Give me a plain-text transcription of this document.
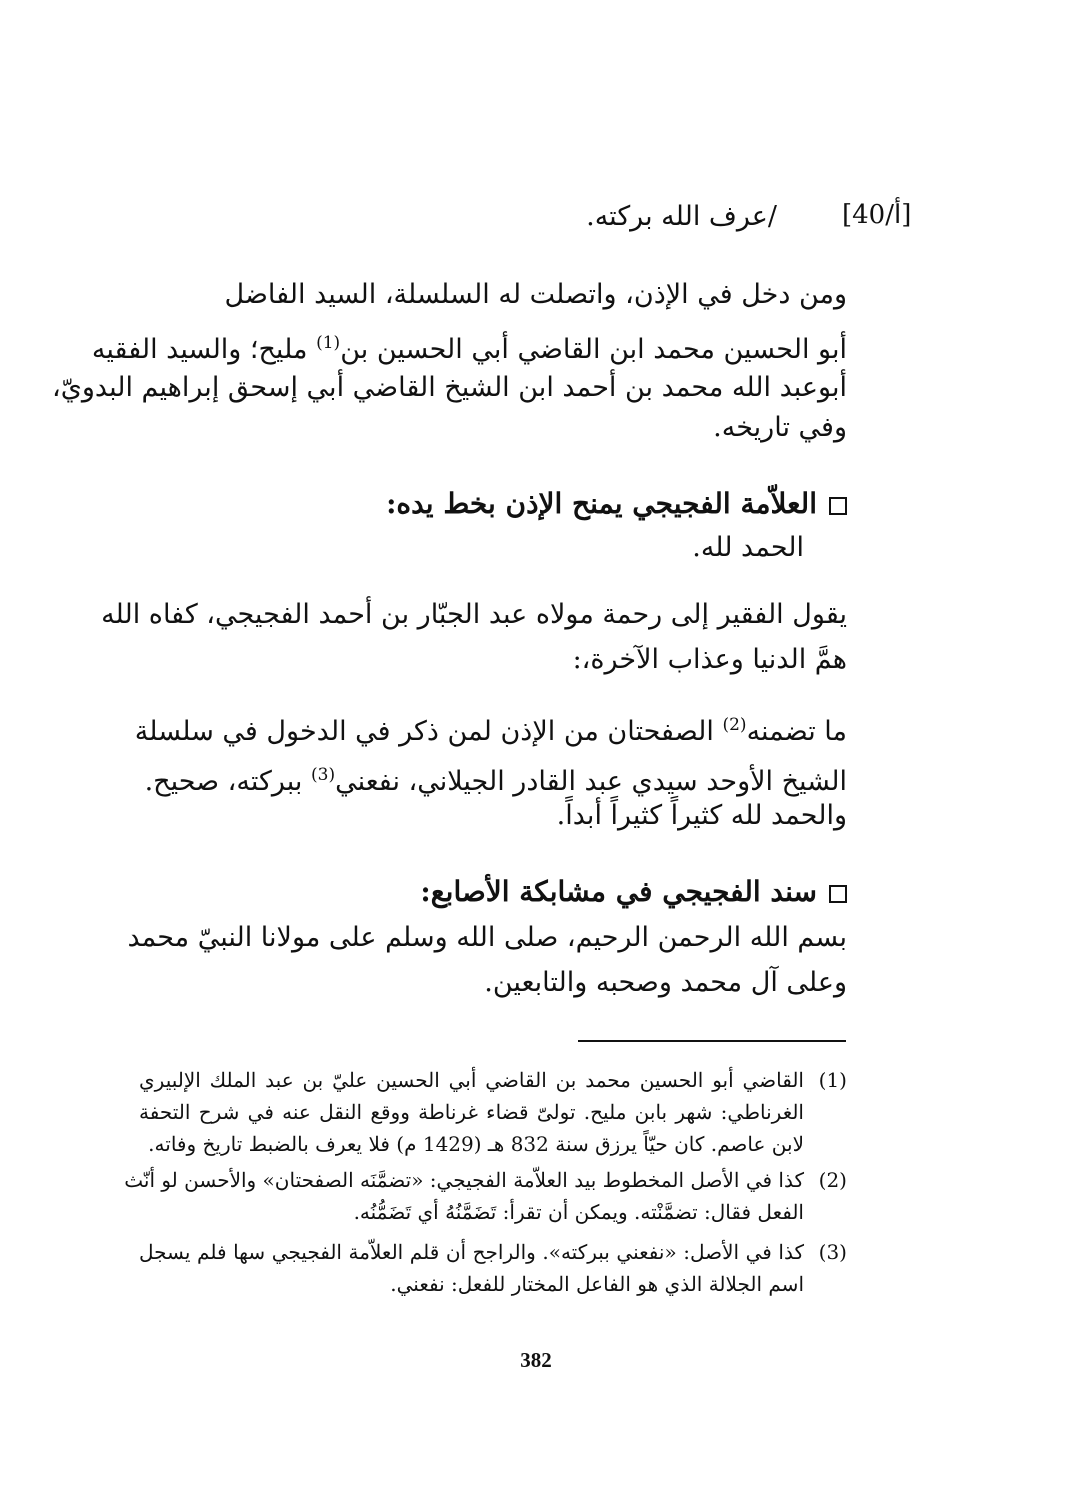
[40/أ]
/عرف الله بركته.
ومن دخل في الإذن، واتصلت له السلسلة، السيد الفاضل
أبو الحسين محمد ابن القاضي أبي الحسين بن$^{(1)}$ مليح؛ والسيد الفقيه
أبوعبد الله محمد بن أحمد ابن الشيخ القاضي أبي إسحق إبراهيم البدويّ،
وفي تاريخه.
العلاّمة الفجيجي يمنح الإذن بخط يده:
الحمد لله.
يقول الفقير إلى رحمة مولاه عبد الجبّار بن أحمد الفجيجي، كفاه الله
همَّ الدنيا وعذاب الآخرة،:
ما تضمنه$^{(2)}$ الصفحتان من الإذن لمن ذكر في الدخول في سلسلة
الشيخ الأوحد سيدي عبد القادر الجيلاني، نفعني$^{(3)}$ ببركته، صحيح.
والحمد لله كثيراً كثيراً أبداً.
سند الفجيجي في مشابكة الأصابع:
بسم الله الرحمن الرحيم، صلى الله وسلم على مولانا النبيّ محمد
وعلى آل محمد وصحبه والتابعين.
(1)
القاضي أبو الحسين محمد بن القاضي أبي الحسين عليّ بن عبد الملك الإلبيري
الغرناطي: شهر بابن مليح. تولىّ قضاء غرناطة ووقع النقل عنه في شرح التحفة
لابن عاصم. كان حيّاً يرزق سنة 832 هـ (1429 م) فلا يعرف بالضبط تاريخ وفاته.
(2)
كذا في الأصل المخطوط بيد العلاّمة الفجيجي: «تضمَّنَه الصفحتان» والأحسن لو أنّث
الفعل فقال: تضمَّنْته. ويمكن أن تقرأ: تَضَمَّنُهُ أي تَضَمُّنُه.
(3)
كذا في الأصل: «نفعني ببركته». والراجح أن قلم العلاّمة الفجيجي سها فلم يسجل
اسم الجلالة الذي هو الفاعل المختار للفعل: نفعني.
382
